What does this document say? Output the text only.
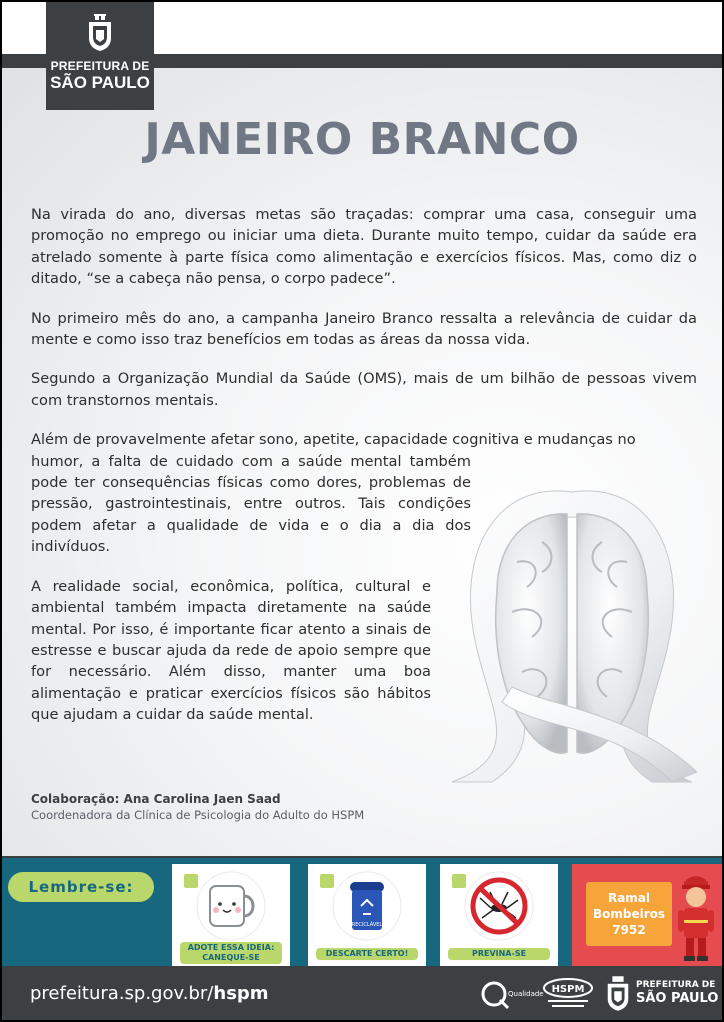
PREFEITURA DE
SÃO PAULO
JANEIRO BRANCO
Na virada do ano, diversas metas são traçadas: comprar uma casa, conseguir uma promoção no emprego ou iniciar uma dieta. Durante muito tempo, cuidar da saúde era atrelado somente à parte física como alimentação e exercícios físicos. Mas, como diz o ditado, “se a cabeça não pensa, o corpo padece”.
No primeiro mês do ano, a campanha Janeiro Branco ressalta a relevância de cuidar da mente e como isso traz benefícios em todas as áreas da nossa vida.
Segundo a Organização Mundial da Saúde (OMS), mais de um bilhão de pessoas vivem com transtornos mentais.
Além de provavelmente afetar sono, apetite, capacidade cognitiva e mudanças no
humor, a falta de cuidado com a saúde mental também pode ter consequências físicas como dores, problemas de pressão, gastrointestinais, entre outros. Tais condições podem afetar a qualidade de vida e o dia a dia dos indivíduos.
A realidade social, econômica, política, cultural e ambiental também impacta diretamente na saúde mental. Por isso, é importante ficar atento a sinais de estresse e buscar ajuda da rede de apoio sempre que for necessário. Além disso, manter uma boa alimentação e praticar exercícios físicos são hábitos que ajudam a cuidar da saúde mental.
Colaboração: Ana Carolina Jaen Saad
Coordenadora da Clínica de Psicologia do Adulto do HSPM
Lembre-se:
ADOTE ESSA IDEIA: CANEQUE-SE
RECICLÁVEL
DESCARTE CERTO!	PREVINA-SE
Ramal
Bombeiros
7952
prefeitura.sp.gov.br/hspm	Qualidade HSPM	PREFEITURA DE
SÃO PAULO
